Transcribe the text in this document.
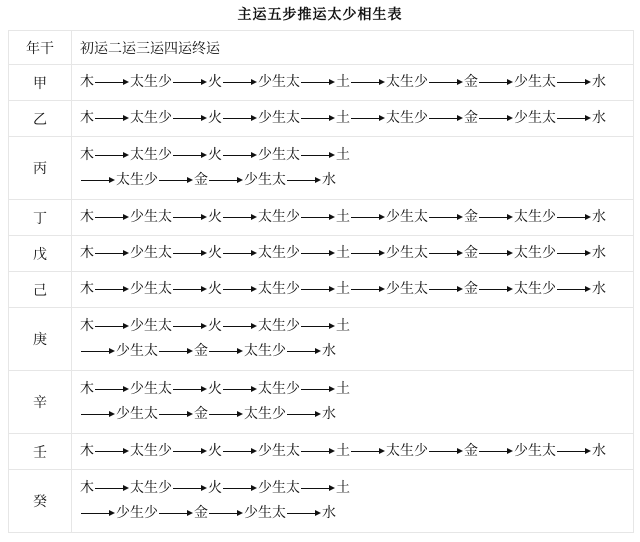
主运五步推运太少相生表
年干	初运二运三运四运终运
甲	木 太生少 火 少生太 土 太生少 金 少生太 水

乙	木 太生少 火 少生太 土 太生少 金 少生太 水

丙	木 太生少 火 少生太 土
太生少 金 少生太 水

丁	木 少生太 火 太生少 土 少生太 金 太生少 水

戊	木 少生太 火 太生少 土 少生太 金 太生少 水

己	木 少生太 火 太生少 土 少生太 金 太生少 水

庚	木 少生太 火 太生少 土
少生太 金 太生少 水

辛	木 少生太 火 太生少 土
少生太 金 太生少 水

壬	木 太生少 火 少生太 土 太生少 金 少生太 水

癸	木 太生少 火 少生太 土
少生少 金 少生太 水
